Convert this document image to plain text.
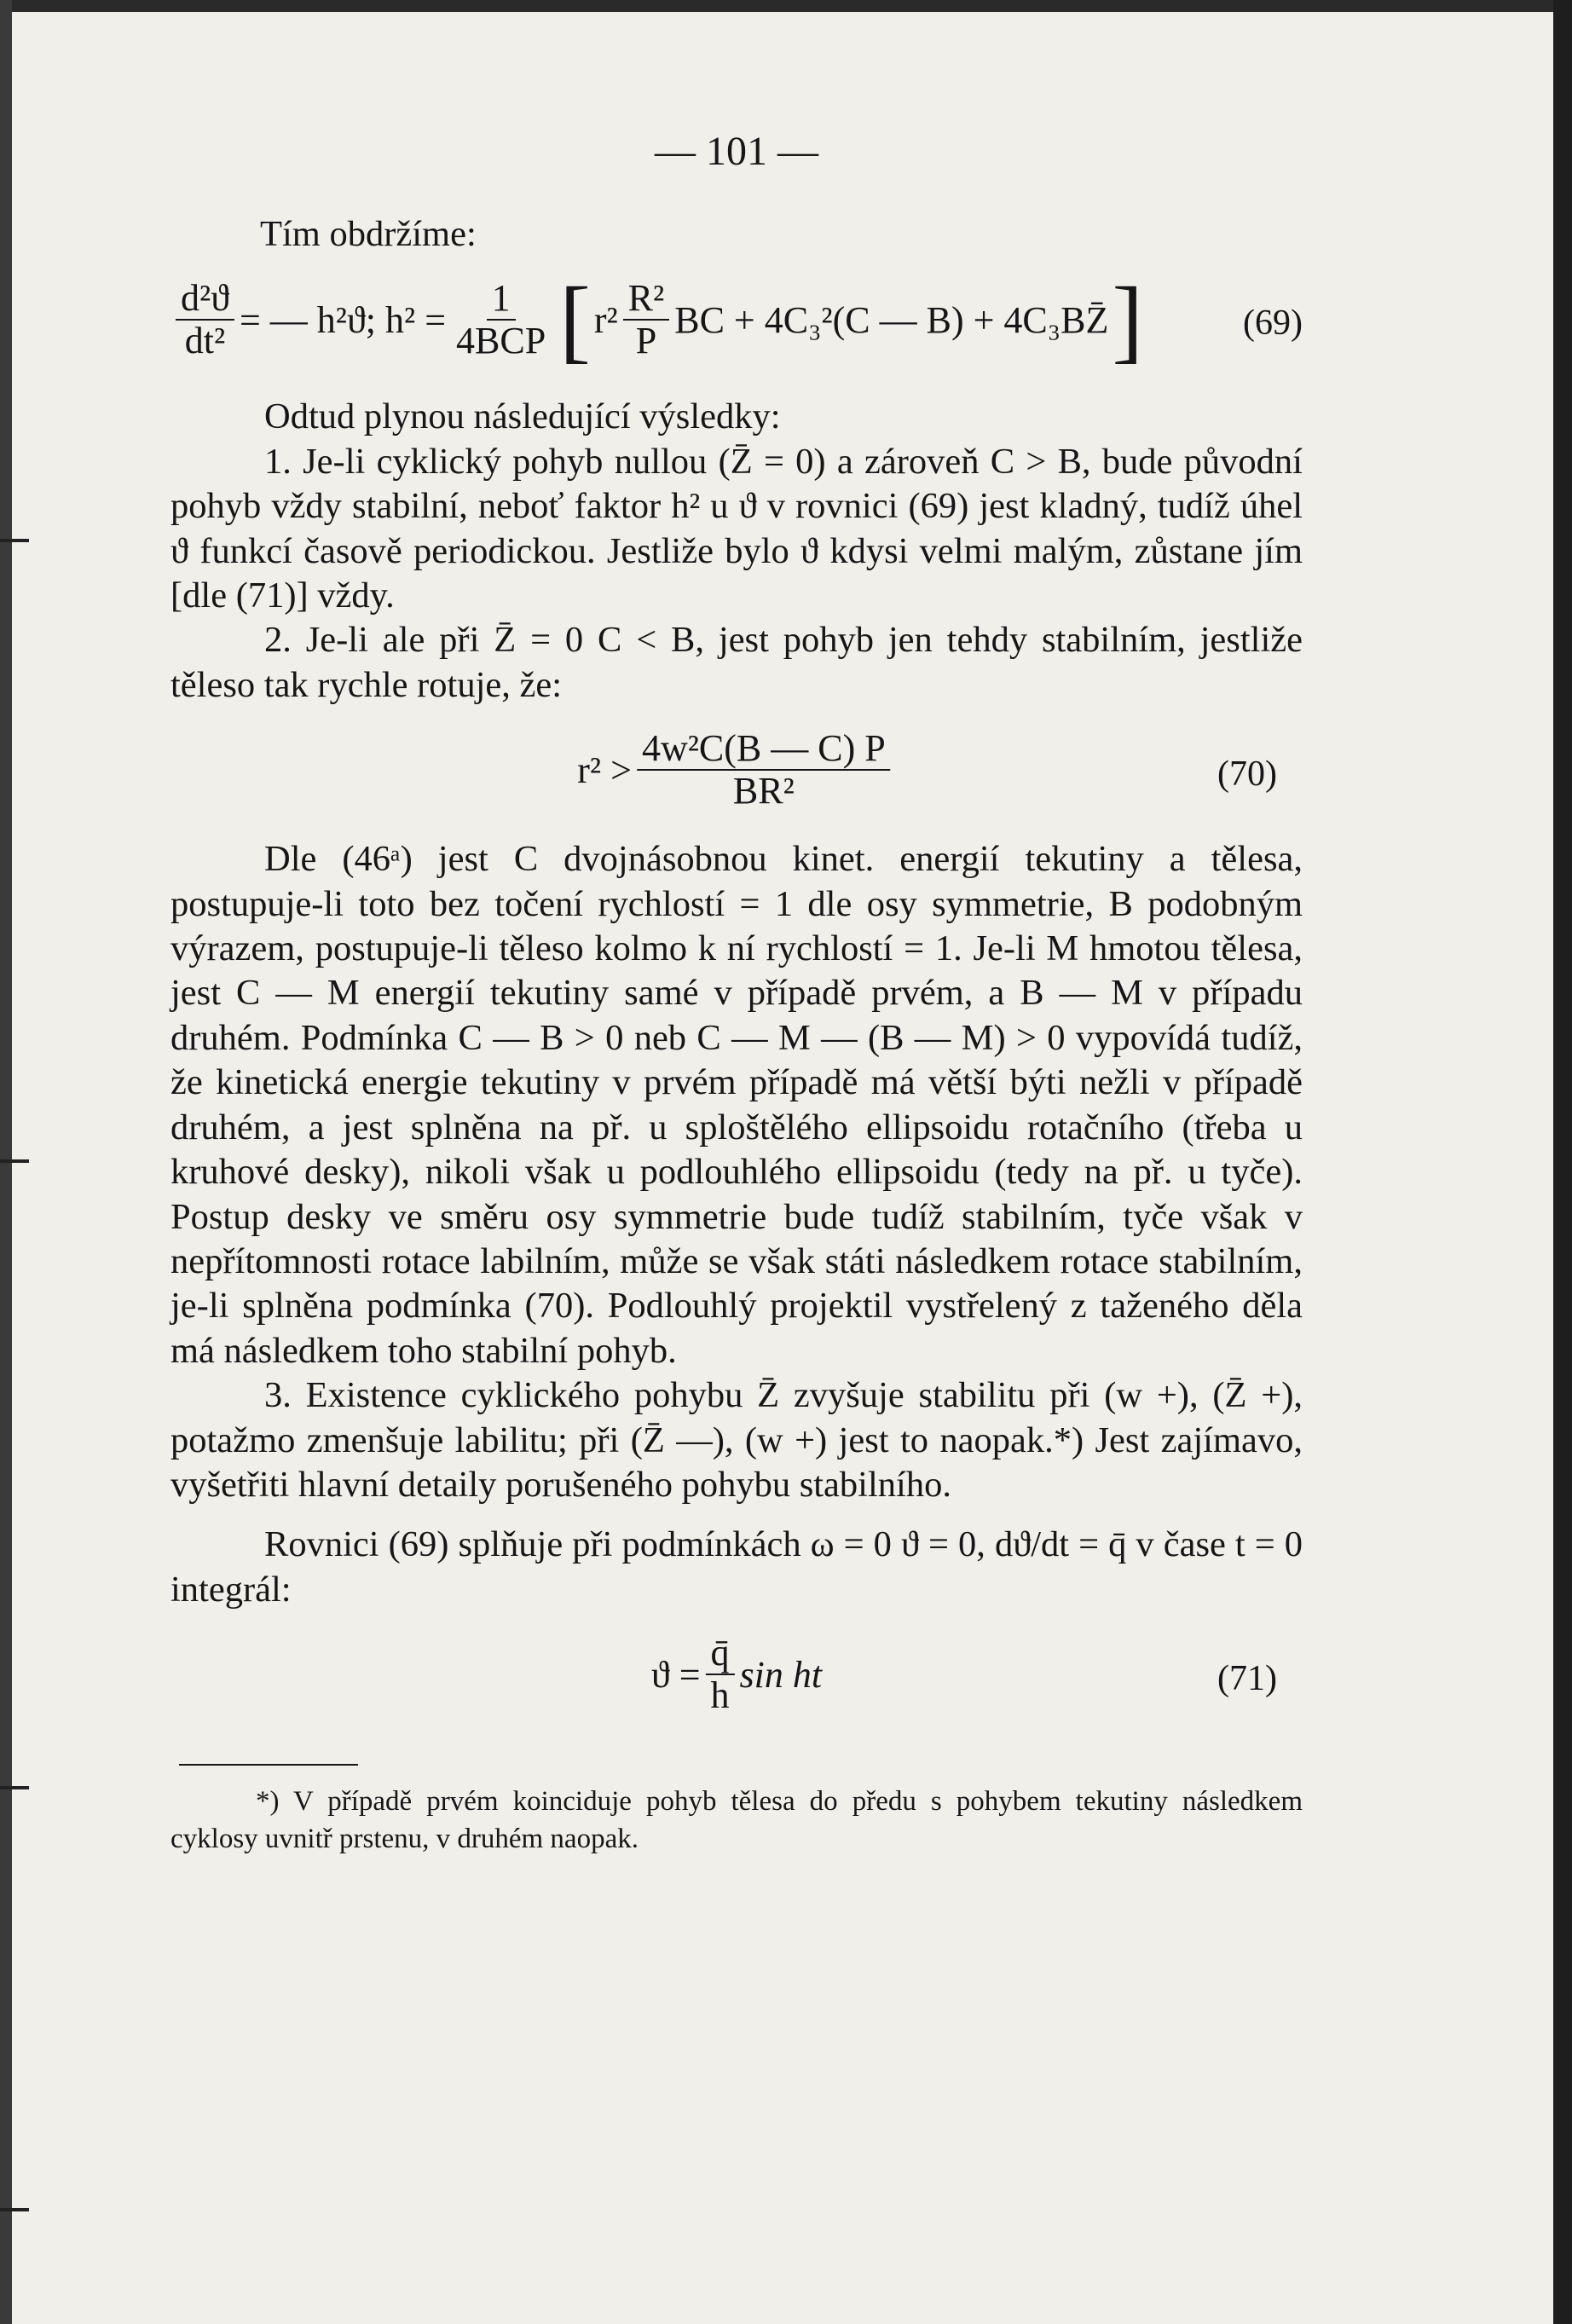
— 101 —

Tím obdržíme:

$\frac{\text{d²ϑ}}{\text{dt²}}$ = — h²ϑ; $h^2 = \frac{1}{\text{4BCP}}$ [ $r^2 \frac{\text{R²}}{P}$ BC + 4C₃²(C — B) + 4C₃BZ̄ ]	(69)

Odtud plynou následující výsledky:

1. Je-li cyklický pohyb nullou (Z̄ = 0) a zároveň C > B, bude původní pohyb vždy stabilní, neboť faktor h² u ϑ v rovnici (69) jest kladný, tudíž úhel ϑ funkcí časově periodickou. Jestliže bylo ϑ kdysi velmi malým, zůstane jím [dle (71)] vždy.

2. Je-li ale při Z̄ = 0 C < B, jest pohyb jen tehdy stabilním, jestliže těleso tak rychle rotuje, že:

$r^2 > \frac{\text{4w²C(B — C) P}}{\text{BR²}}$	(70)

Dle (46ᵃ) jest C dvojnásobnou kinet. energií tekutiny a tělesa, postupuje-li toto bez točení rychlostí = 1 dle osy symmetrie, B podobným výrazem, postupuje-li těleso kolmo k ní rychlostí = 1. Je-li M hmotou tělesa, jest C — M energií tekutiny samé v případě prvém, a B — M v případu druhém. Podmínka C — B > 0 neb C — M — (B — M) > 0 vypovídá tudíž, že kinetická energie tekutiny v prvém případě má větší býti nežli v případě druhém, a jest splněna na př. u sploštělého ellipsoidu rotačního (třeba u kruhové desky), nikoli však u podlouhlého ellipsoidu (tedy na př. u tyče). Postup desky ve směru osy symmetrie bude tudíž stabilním, tyče však v nepřítomnosti rotace labilním, může se však státi následkem rotace stabilním, je-li splněna podmínka (70). Podlouhlý projektil vystřelený z taženého děla má následkem toho stabilní pohyb.

3. Existence cyklického pohybu Z̄ zvyšuje stabilitu při (w +), (Z̄ +), potažmo zmenšuje labilitu; při (Z̄ —), (w +) jest to naopak.*) Jest zajímavo, vyšetřiti hlavní detaily porušeného pohybu stabilního.

Rovnici (69) splňuje při podmínkách ω = 0 ϑ = 0, dϑ/dt = q̄ v čase t = 0 integrál:

$ϑ = \frac{q̄}{h}$ sin ht	(71)

*) V případě prvém koinciduje pohyb tělesa do předu s pohybem tekutiny následkem cyklosy uvnitř prstenu, v druhém naopak.
